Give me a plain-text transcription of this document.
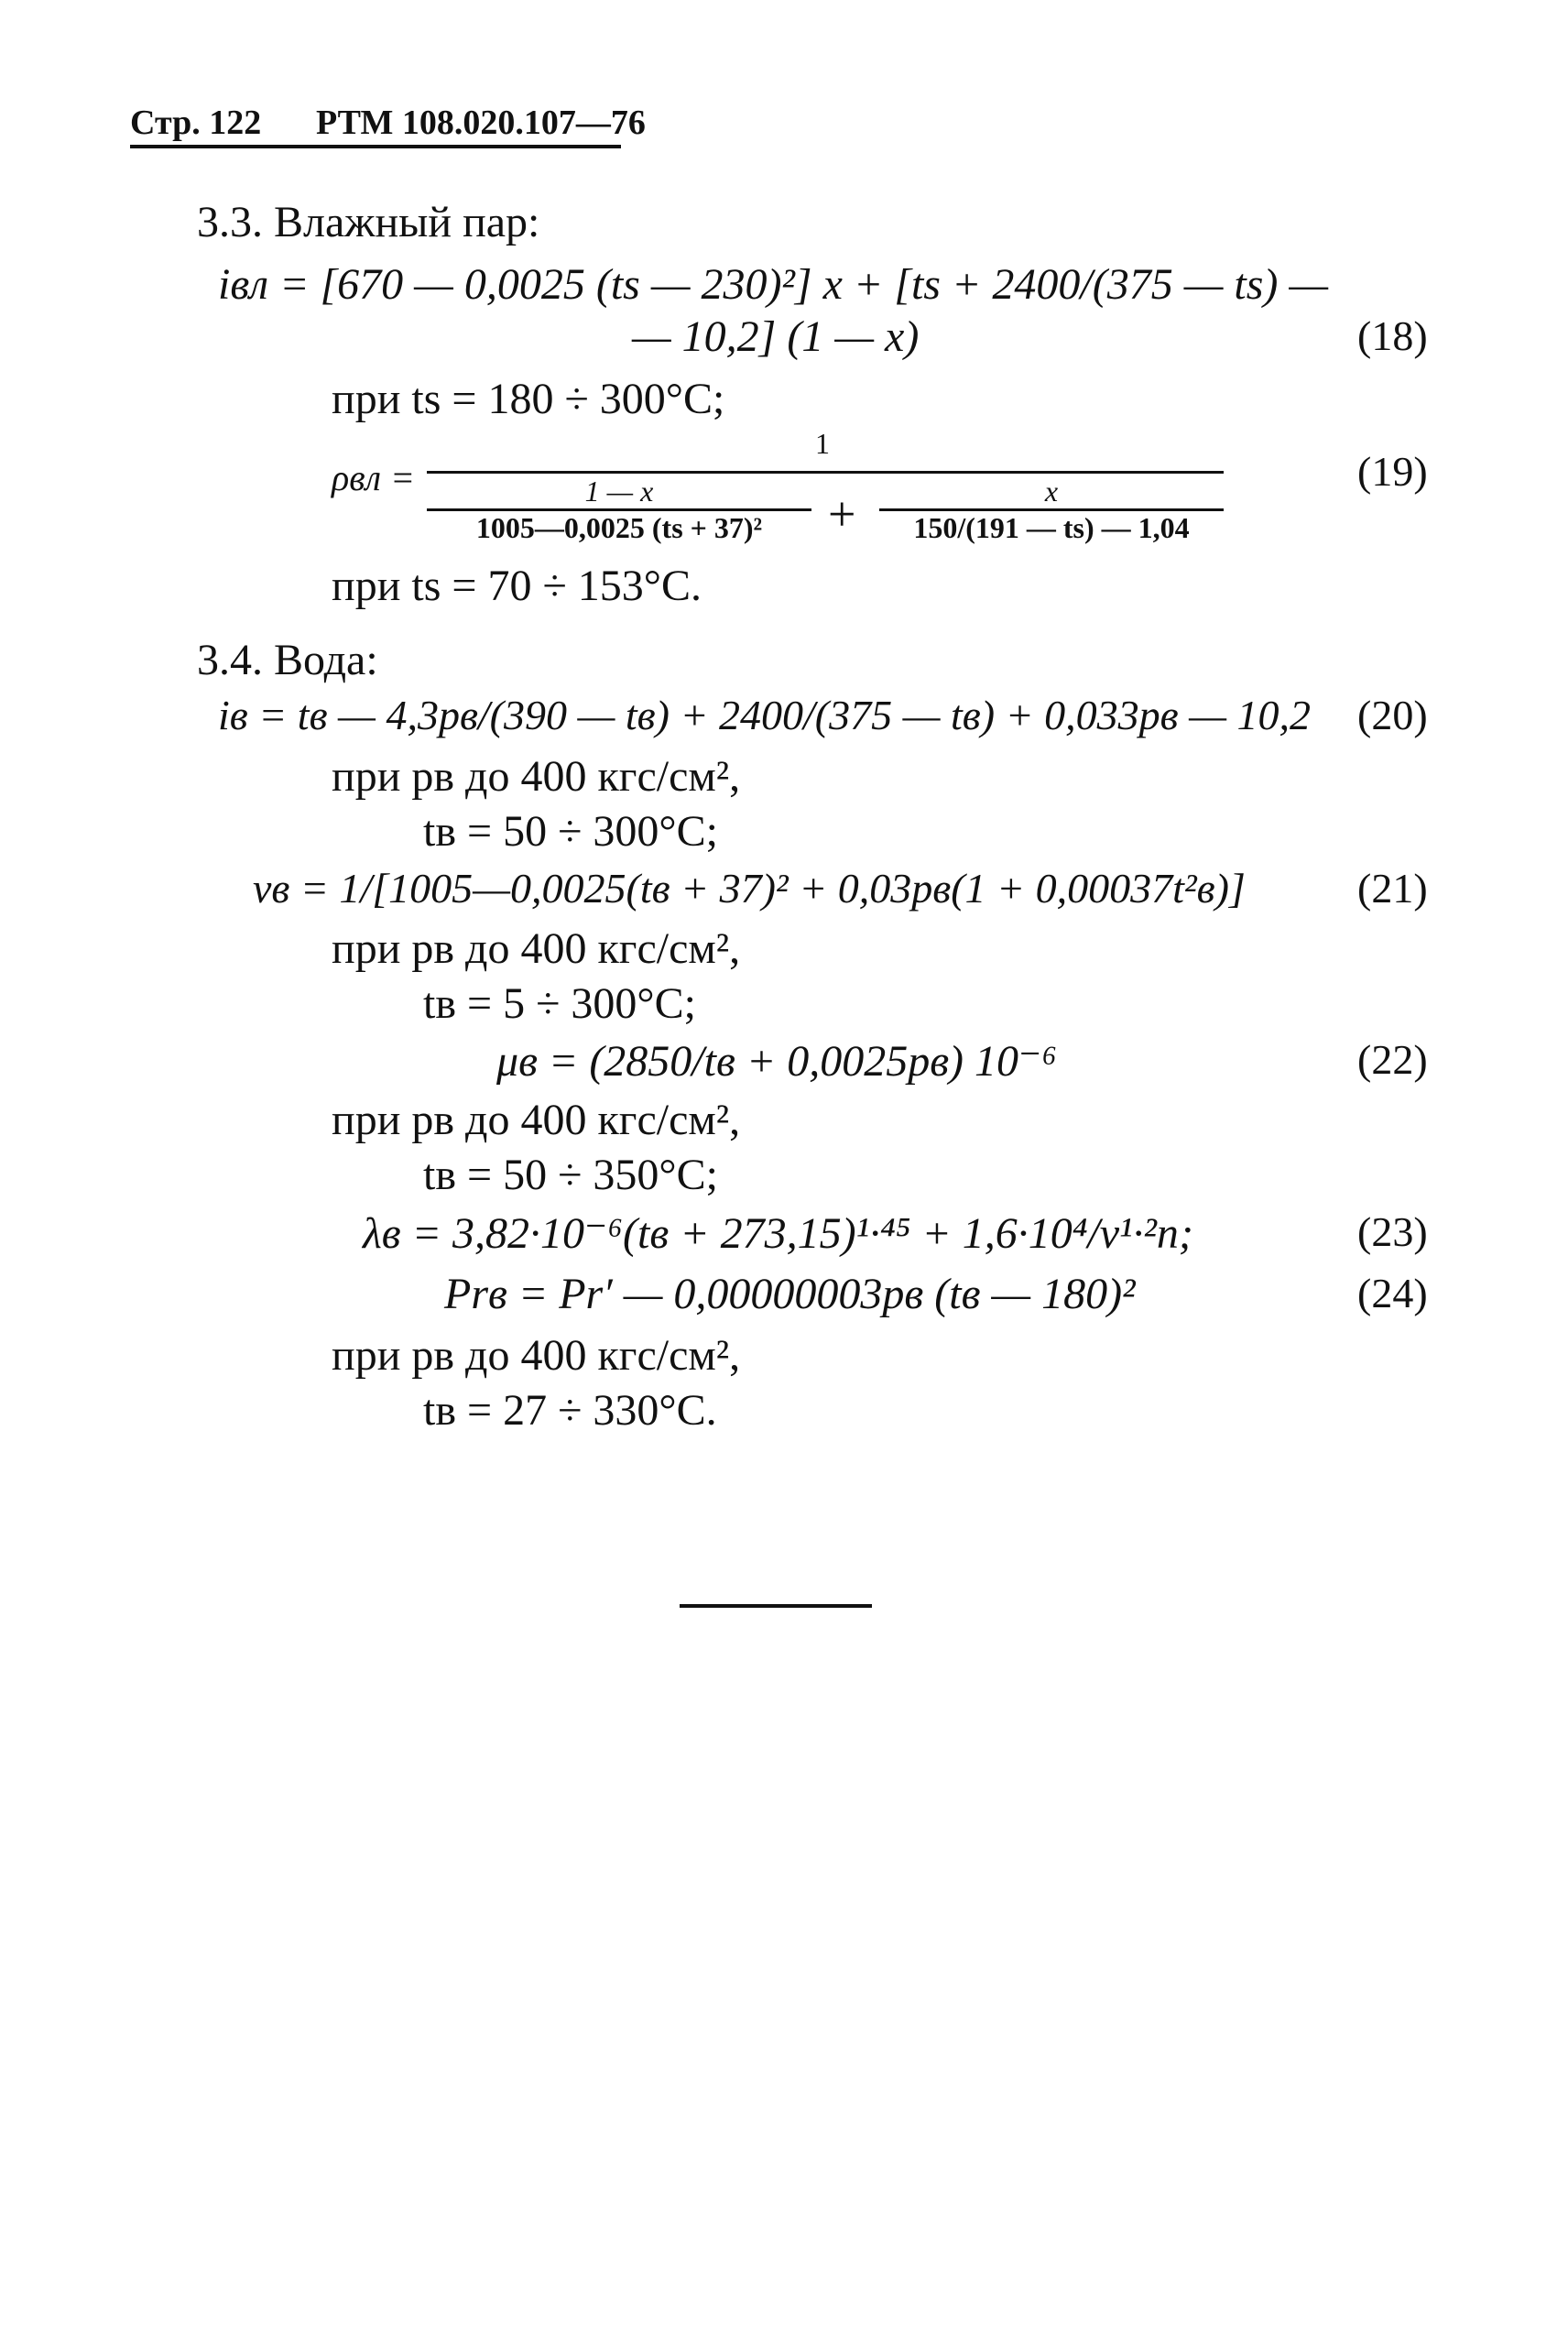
Стр. 122 РТМ 108.020.107—76
3.3. Влажный пар:
iвл = [670 — 0,0025 (ts — 230)²] x + [ts + 2400/(375 — ts) —
— 10,2] (1 — x)	(18)
при ts = 180 ÷ 300°C;
ρвл =
1
1 — x
1005—0,0025 (ts + 37)² +	x
150/(191 — ts) — 1,04
(19)
при ts = 70 ÷ 153°C.
3.4. Вода:
iв = tв — 4,3pв/(390 — tв) + 2400/(375 — tв) + 0,033pв — 10,2 (20)
при pв до 400 кгс/см²,
tв = 50 ÷ 300°C;
vв = 1/[1005—0,0025(tв + 37)² + 0,03pв(1 + 0,00037t²в)]	(21)
при pв до 400 кгс/см²,
tв = 5 ÷ 300°C;
μв = (2850/tв + 0,0025pв) 10⁻⁶	(22)
при pв до 400 кгс/см²,
tв = 50 ÷ 350°C;
λв = 3,82·10⁻⁶(tв + 273,15)¹·⁴⁵ + 1,6·10⁴/v¹·²n;	(23)
Prв = Pr′ — 0,00000003pв (tв — 180)²	(24)
при pв до 400 кгс/см²,
tв = 27 ÷ 330°C.
